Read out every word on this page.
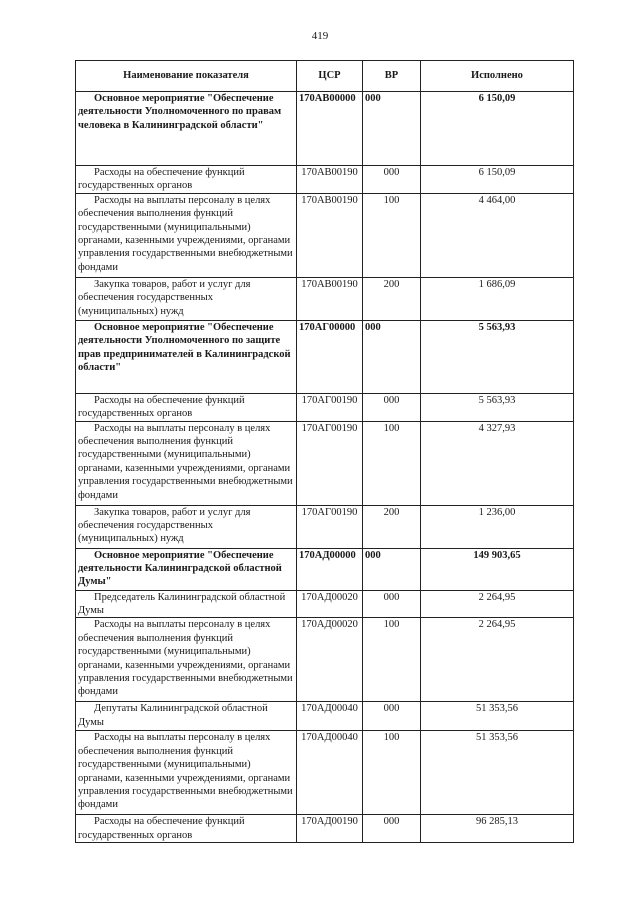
419
Наименование показателя	ЦСР	ВР	Исполнено
Основное мероприятие "Обеспечение деятельности Уполномоченного по правам человека в Калининградской области"	170АВ00000	000	6 150,09
Расходы на обеспечение функций государственных органов	170АВ00190	000	6 150,09
Расходы на выплаты персоналу в целях обеспечения выполнения функций государственными (муниципальными) органами, казенными учреждениями, органами управления государственными внебюджетными фондами	170АВ00190	100	4 464,00
Закупка товаров, работ и услуг для обеспечения государственных (муниципальных) нужд	170АВ00190	200	1 686,09
Основное мероприятие "Обеспечение деятельности Уполномоченного по защите прав предпринимателей в Калининградской области"	170АГ00000	000	5 563,93
Расходы на обеспечение функций государственных органов	170АГ00190	000	5 563,93
Расходы на выплаты персоналу в целях обеспечения выполнения функций государственными (муниципальными) органами, казенными учреждениями, органами управления государственными внебюджетными фондами	170АГ00190	100	4 327,93
Закупка товаров, работ и услуг для обеспечения государственных (муниципальных) нужд	170АГ00190	200	1 236,00
Основное мероприятие "Обеспечение деятельности Калининградской областной Думы"	170АД00000	000	149 903,65
Председатель Калининградской областной Думы	170АД00020	000	2 264,95
Расходы на выплаты персоналу в целях обеспечения выполнения функций государственными (муниципальными) органами, казенными учреждениями, органами управления государственными внебюджетными фондами	170АД00020	100	2 264,95
Депутаты Калининградской областной Думы	170АД00040	000	51 353,56
Расходы на выплаты персоналу в целях обеспечения выполнения функций государственными (муниципальными) органами, казенными учреждениями, органами управления государственными внебюджетными фондами	170АД00040	100	51 353,56
Расходы на обеспечение функций государственных органов	170АД00190	000	96 285,13
